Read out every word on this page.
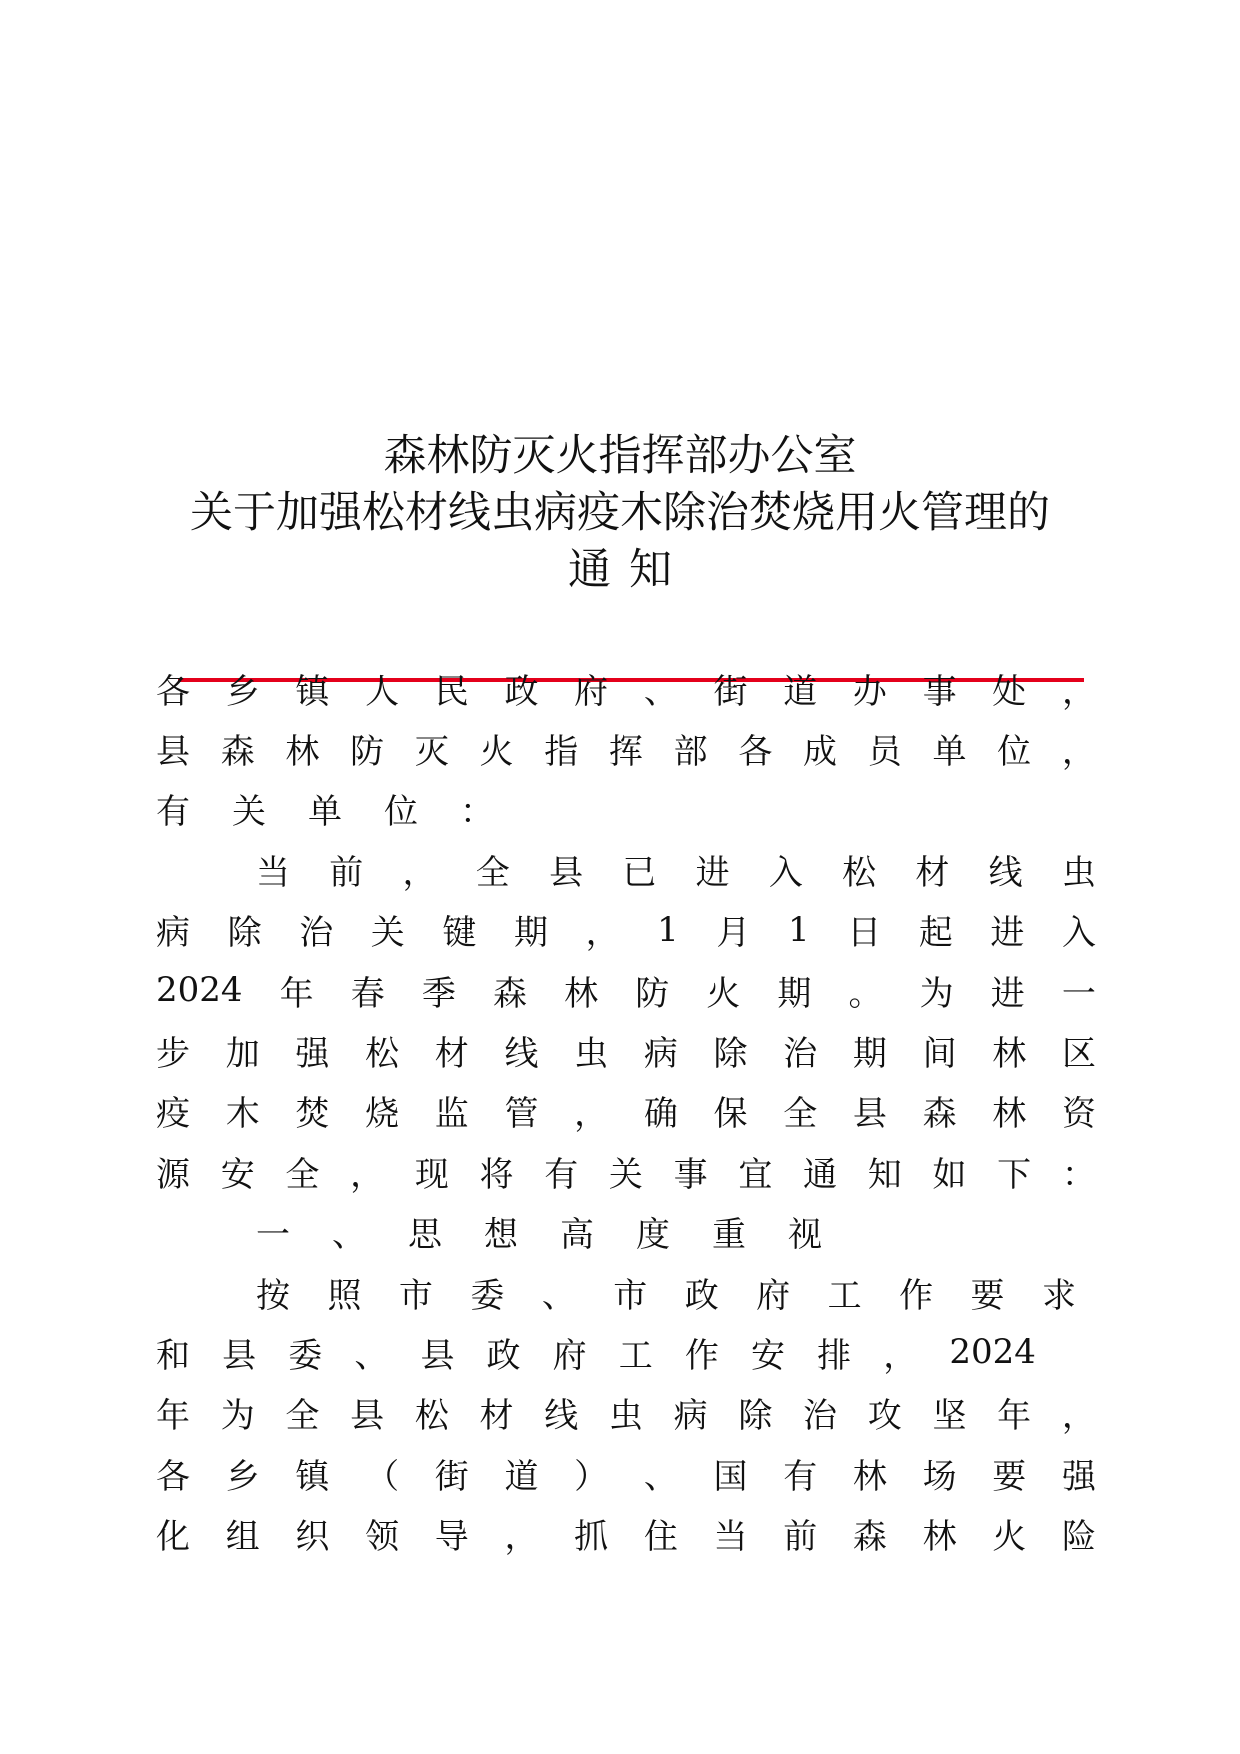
森林防灭火指挥部办公室
关于加强松材线虫病疫木除治焚烧用火管理的
通知
各 乡 镇 人 民 政 府 、 街 道 办 事 处 ，
县 森 林 防 灭 火 指 挥 部 各 成 员 单 位 ，
有 关 单 位 ：
当 前 ， 全 县 已 进 入 松 材 线 虫
病 除 治 关 键 期 ， 1 月 1 日 起 进 入
2024 年 春 季 森 林 防 火 期 。 为 进 一
步 加 强 松 材 线 虫 病 除 治 期 间 林 区
疫 木 焚 烧 监 管 ， 确 保 全 县 森 林 资
源 安 全 ， 现 将 有 关 事 宜 通 知 如 下 ：
一 、 思 想 高 度 重 视
按 照 市 委 、 市 政 府 工 作 要 求
和 县 委 、 县 政 府 工 作 安 排 ， 2024
年 为 全 县 松 材 线 虫 病 除 治 攻 坚 年 ，
各 乡 镇 （ 街 道 ） 、 国 有 林 场 要 强
化 组 织 领 导 ， 抓 住 当 前 森 林 火 险
